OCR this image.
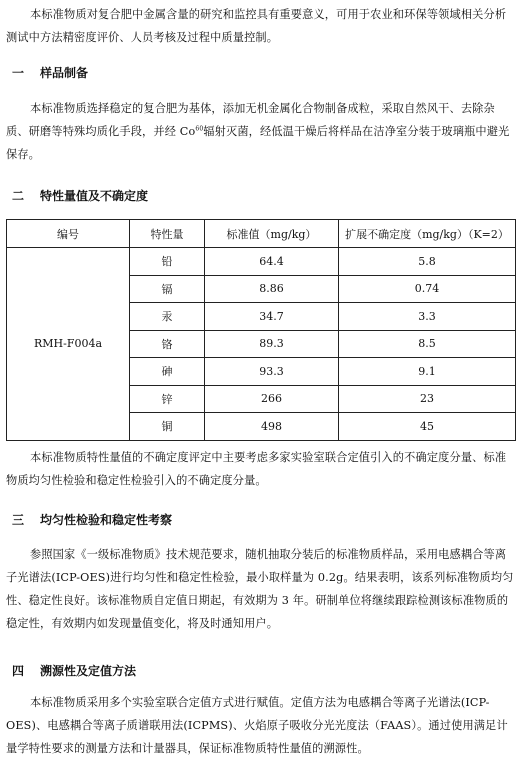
本标准物质对复合肥中金属含量的研究和监控具有重要意义，可用于农业和环保等领域相关分析测试中方法精密度评价、人员考核及过程中质量控制。

一 样品制备

本标准物质选择稳定的复合肥为基体，添加无机金属化合物制备成粒，采取自然风干、去除杂质、研磨等特殊均质化手段，并经 Co$^{60}$辐射灭菌，经低温干燥后将样品在洁净室分装于玻璃瓶中避光保存。

二 特性量值及不确定度
编号	特性量	标准值（mg/kg）	扩展不确定度（mg/kg）（K=2）
RMH-F004a	铅	64.4	5.8
	镉	8.86	0.74
	汞	34.7	3.3
	铬	89.3	8.5
	砷	93.3	9.1
	锌	266	23
	铜	498	45

本标准物质特性量值的不确定度评定中主要考虑多家实验室联合定值引入的不确定度分量、标准物质均匀性检验和稳定性检验引入的不确定度分量。

三 均匀性检验和稳定性考察

参照国家《一级标准物质》技术规范要求，随机抽取分装后的标准物质样品，采用电感耦合等离子光谱法(ICP-OES)进行均匀性和稳定性检验，最小取样量为 0.2g。结果表明，该系列标准物质均匀性、稳定性良好。该标准物质自定值日期起，有效期为 3 年。研制单位将继续跟踪检测该标准物质的稳定性，有效期内如发现量值变化，将及时通知用户。

四 溯源性及定值方法

本标准物质采用多个实验室联合定值方式进行赋值。定值方法为电感耦合等离子光谱法(ICP-OES)、电感耦合等离子质谱联用法(ICPMS)、火焰原子吸收分光光度法（FAAS）。通过使用满足计量学特性要求的测量方法和计量器具，保证标准物质特性量值的溯源性。
